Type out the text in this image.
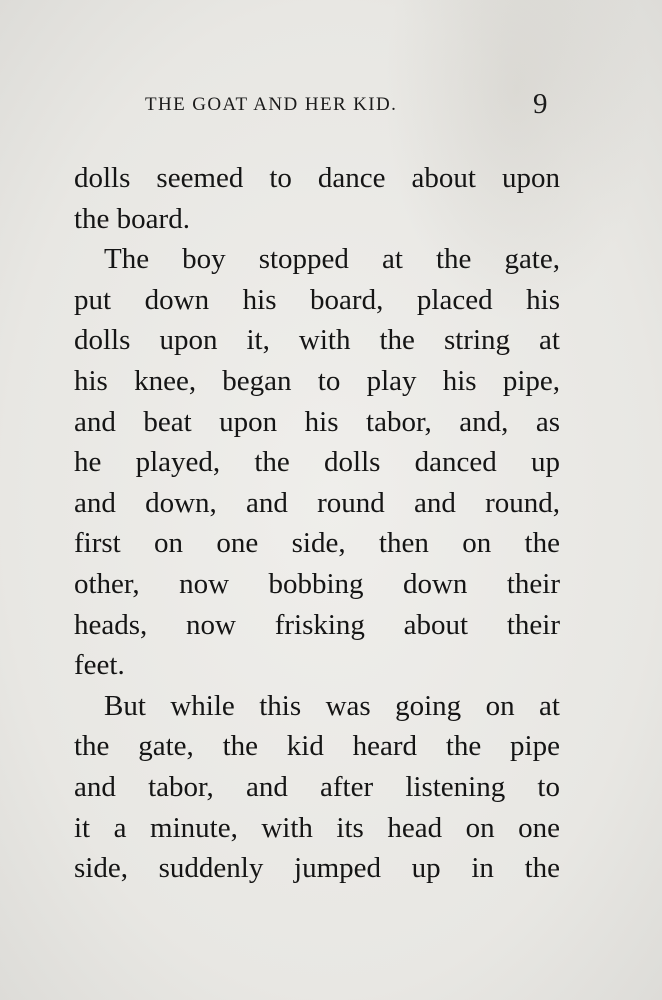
THE GOAT AND HER KID.	9
dolls seemed to dance about upon
the board.
The boy stopped at the gate,
put down his board, placed his
dolls upon it, with the string at
his knee, began to play his pipe,
and beat upon his tabor, and, as
he played, the dolls danced up
and down, and round and round,
first on one side, then on the
other, now bobbing down their
heads, now frisking about their
feet.
But while this was going on at
the gate, the kid heard the pipe
and tabor, and after listening to
it a minute, with its head on one
side, suddenly jumped up in the
